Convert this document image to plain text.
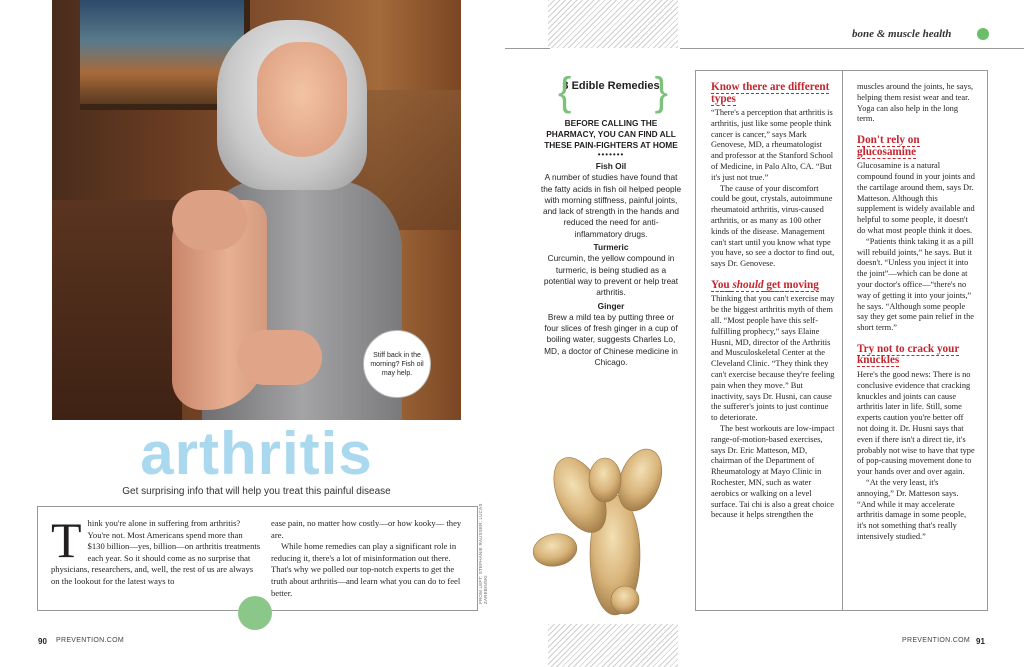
Stiff back in the morning? Fish oil may help.
arthritis
Get surprising info that will help you treat this painful disease
Think you're alone in suffering from arthritis? You're not. Most Americans spend more than $130 billion—yes, billion—on arthritis treatments each year. So it should come as no surprise that physicians, researchers, and, well, the rest of us are always on the lookout for the latest ways to

ease pain, no matter how costly—or how kooky— they are.

While home remedies can play a significant role in reducing it, there's a lot of misinformation out there. That's why we polled our top-notch experts to get the truth about arthritis—and learn what you can do to feel better.	FROM LEFT: STEPHANIE RAUSSER; LUCAS ZAREBINSKI
bone & muscle health
{
3 Edible Remedies
}
BEFORE CALLING THE PHARMACY, YOU CAN FIND ALL THESE PAIN-FIGHTERS AT HOME
•••••••
Fish Oil
A number of studies have found that the fatty acids in fish oil helped people with morning stiffness, painful joints, and lack of strength in the hands and reduced the need for anti-inflammatory drugs.
Turmeric
Curcumin, the yellow compound in turmeric, is being studied as a potential way to prevent or help treat arthritis.
Ginger
Brew a mild tea by putting three or four slices of fresh ginger in a cup of boiling water, suggests Charles Lo, MD, a doctor of Chinese medicine in Chicago.
Know there are different types

“There's a perception that arthritis is arthritis, just like some people think cancer is cancer,” says Mark Genovese, MD, a rheumatologist and professor at the Stanford School of Medicine, in Palo Alto, CA. “But it's just not true.”

The cause of your discomfort could be gout, crystals, autoimmune rheumatoid arthritis, virus-caused arthritis, or as many as 100 other kinds of the disease. Management can't start until you know what type you have, so see a doctor to find out, says Dr. Genovese.

You should get moving

Thinking that you can't exercise may be the biggest arthritis myth of them all. “Most people have this self-fulfilling prophecy,” says Elaine Husni, MD, director of the Arthritis and Musculoskeletal Center at the Cleveland Clinic. “They think they can't exercise because they're feeling pain when they move.” But inactivity, says Dr. Husni, can cause the sufferer's joints to just continue to deteriorate.

The best workouts are low-impact range-of-motion-based exercises, says Dr. Eric Matteson, MD, chairman of the Department of Rheumatology at Mayo Clinic in Rochester, MN, such as water aerobics or walking on a level surface. Tai chi is also a great choice because it helps strengthen the

muscles around the joints, he says, helping them resist wear and tear. Yoga can also help in the long term.

Don't rely on glucosamine

Glucosamine is a natural compound found in your joints and the cartilage around them, says Dr. Matteson. Although this supplement is widely available and helpful to some people, it doesn't do what most people think it does.

“Patients think taking it as a pill will rebuild joints,” he says. But it doesn't. “Unless you inject it into the joint”—which can be done at your doctor's office—“there's no way of getting it into your joints,” he says. “Although some people say they get some pain relief in the short term.”

Try not to crack your knuckles

Here's the good news: There is no conclusive evidence that cracking knuckles and joints can cause arthritis later in life. Still, some experts caution you're better off not doing it. Dr. Husni says that even if there isn't a direct tie, it's probably not wise to have that type of pop-causing movement done to your hands over and over again.

“At the very least, it's annoying,” Dr. Matteson says. “And while it may accelerate arthritis damage in some people, it's not something that's really intensively studied.”

90 PREVENTION.COM	PREVENTION.COM 91
